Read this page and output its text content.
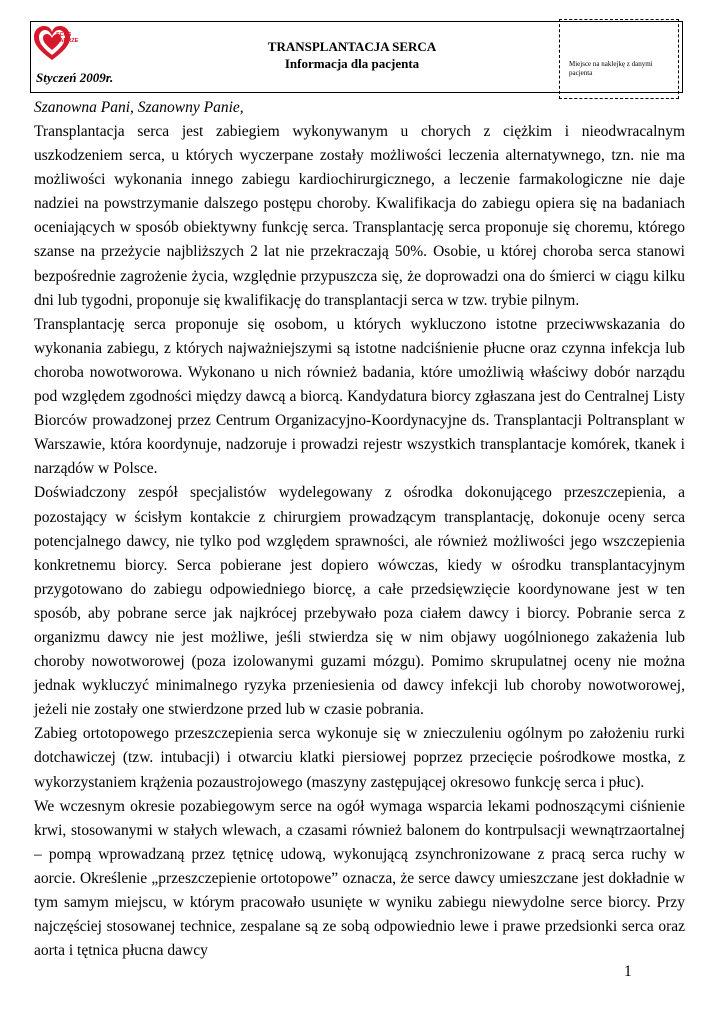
SCCS ZABRZE	TRANSPLANTACJA SERCA
Informacja dla pacjenta
Styczeń 2009r.
Miejsce na naklejkę z danymi pacjenta
Szanowna Pani, Szanowny Panie,

Transplantacja serca jest zabiegiem wykonywanym u chorych z ciężkim i nieodwracalnym uszkodzeniem serca, u których wyczerpane zostały możliwości leczenia alternatywnego, tzn. nie ma możliwości wykonania innego zabiegu kardiochirurgicznego, a leczenie farmakologiczne nie daje nadziei na powstrzymanie dalszego postępu choroby. Kwalifikacja do zabiegu opiera się na badaniach oceniających w sposób obiektywny funkcję serca. Transplantację serca proponuje się choremu, którego szanse na przeżycie najbliższych 2 lat nie przekraczają 50%. Osobie, u której choroba serca stanowi bezpośrednie zagrożenie życia, względnie przypuszcza się, że doprowadzi ona do śmierci w ciągu kilku dni lub tygodni, proponuje się kwalifikację do transplantacji serca w tzw. trybie pilnym.

Transplantację serca proponuje się osobom, u których wykluczono istotne przeciwwskazania do wykonania zabiegu, z których najważniejszymi są istotne nadciśnienie płucne oraz czynna infekcja lub choroba nowotworowa. Wykonano u nich również badania, które umożliwią właściwy dobór narządu pod względem zgodności między dawcą a biorcą. Kandydatura biorcy zgłaszana jest do Centralnej Listy Biorców prowadzonej przez Centrum Organizacyjno-Koordynacyjne ds. Transplantacji Poltransplant w Warszawie, która koordynuje, nadzoruje i prowadzi rejestr wszystkich transplantacje komórek, tkanek i narządów w Polsce.

Doświadczony zespół specjalistów wydelegowany z ośrodka dokonującego przeszczepienia, a pozostający w ścisłym kontakcie z chirurgiem prowadzącym transplantację, dokonuje oceny serca potencjalnego dawcy, nie tylko pod względem sprawności, ale również możliwości jego wszczepienia konkretnemu biorcy. Serca pobierane jest dopiero wówczas, kiedy w ośrodku transplantacyjnym przygotowano do zabiegu odpowiedniego biorcę, a całe przedsięwzięcie koordynowane jest w ten sposób, aby pobrane serce jak najkrócej przebywało poza ciałem dawcy i biorcy. Pobranie serca z organizmu dawcy nie jest możliwe, jeśli stwierdza się w nim objawy uogólnionego zakażenia lub choroby nowotworowej (poza izolowanymi guzami mózgu). Pomimo skrupulatnej oceny nie można jednak wykluczyć minimalnego ryzyka przeniesienia od dawcy infekcji lub choroby nowotworowej, jeżeli nie zostały one stwierdzone przed lub w czasie pobrania.

Zabieg ortotopowego przeszczepienia serca wykonuje się w znieczuleniu ogólnym po założeniu rurki dotchawiczej (tzw. intubacji) i otwarciu klatki piersiowej poprzez przecięcie pośrodkowe mostka, z wykorzystaniem krążenia pozaustrojowego (maszyny zastępującej okresowo funkcję serca i płuc).

We wczesnym okresie pozabiegowym serce na ogół wymaga wsparcia lekami podnoszącymi ciśnienie krwi, stosowanymi w stałych wlewach, a czasami również balonem do kontrpulsacji wewnątrzaortalnej – pompą wprowadzaną przez tętnicę udową, wykonującą zsynchronizowane z pracą serca ruchy w aorcie. Określenie „przeszczepienie ortotopowe” oznacza, że serce dawcy umieszczane jest dokładnie w tym samym miejscu, w którym pracowało usunięte w wyniku zabiegu niewydolne serce biorcy. Przy najczęściej stosowanej technice, zespalane są ze sobą odpowiednio lewe i prawe przedsionki serca oraz aorta i tętnica płucna dawcy

1
